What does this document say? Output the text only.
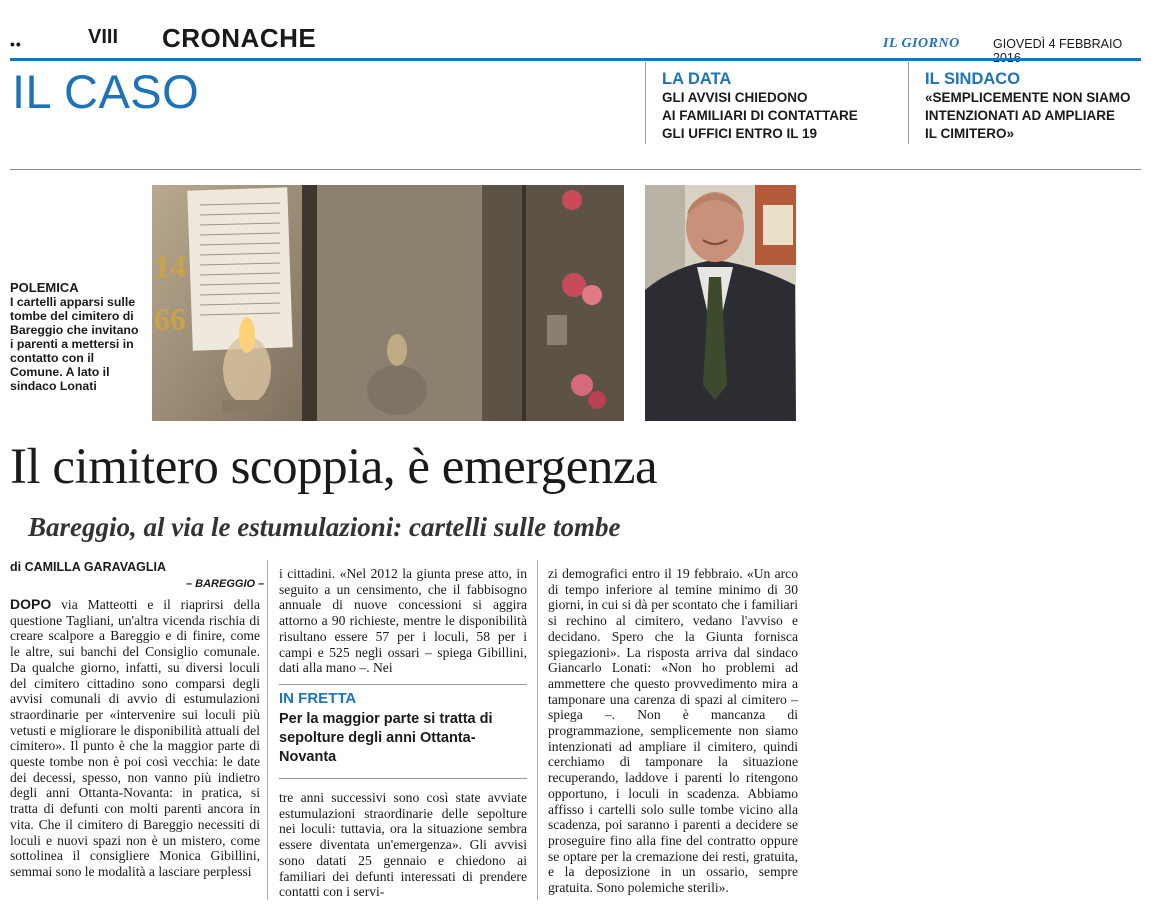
••	VIII CRONACHE	IL GIORNO	GIOVEDÌ 4 FEBBRAIO
IL CASO	LA DATA
GLI AVVISI CHIEDONO
AI FAMILIARI DI CONTATTARE
GLI UFFICI ENTRO IL 19
IL SINDACO
«SEMPLICEMENTE NON SIAMO
INTENZIONATI AD AMPLIARE
IL CIMITERO»
14
66
POLEMICA
I cartelli apparsi sulle tombe del cimitero di Bareggio che invitano i parenti a mettersi in contatto con il Comune. A lato il sindaco Lonati
Il cimitero scoppia, è emergenza
Bareggio, al via le estumulazioni: cartelli sulle tombe
di CAMILLA GARAVAGLIA
– BAREGGIO –

DOPO via Matteotti e il riaprirsi della questione Tagliani, un'altra vicenda rischia di creare scalpore a Bareggio e di finire, come le altre, sui banchi del Consiglio comunale. Da qualche giorno, infatti, su diversi loculi del cimitero cittadino sono comparsi degli avvisi comunali di avvio di estumulazioni straordinarie per «intervenire sui loculi più vetusti e migliorare le disponibilità attuali del cimitero». Il punto è che la maggior parte di queste tombe non è poi così vecchia: le date dei decessi, spesso, non vanno più indietro degli anni Ottanta-Novanta: in pratica, si tratta di defunti con molti parenti ancora in vita. Che il cimitero di Bareggio necessiti di loculi e nuovi spazi non è un mistero, come sottolinea il consigliere Monica Gibillini, semmai sono le modalità a lasciare perplessi

i cittadini. «Nel 2012 la giunta prese atto, in seguito a un censimento, che il fabbisogno annuale di nuove concessioni si aggira attorno a 90 richieste, mentre le disponibilità risultano essere 57 per i loculi, 58 per i campi e 525 negli ossari – spiega Gibillini, dati alla mano –. Nei

IN FRETTA
Per la maggior parte si tratta di sepolture degli anni Ottanta-Novanta

tre anni successivi sono così state avviate estumulazioni straordinarie delle sepolture nei loculi: tuttavia, ora la situazione sembra essere diventata un'emergenza». Gli avvisi sono datati 25 gennaio e chiedono ai familiari dei defunti interessati di prendere contatti con i servi-

zi demografici entro il 19 febbraio. «Un arco di tempo inferiore al temine minimo di 30 giorni, in cui si dà per scontato che i familiari si rechino al cimitero, vedano l'avviso e decidano. Spero che la Giunta fornisca spiegazioni». La risposta arriva dal sindaco Giancarlo Lonati: «Non ho problemi ad ammettere che questo provvedimento mira a tamponare una carenza di spazi al cimitero – spiega –. Non è mancanza di programmazione, semplicemente non siamo intenzionati ad ampliare il cimitero, quindi cerchiamo di tamponare la situazione recuperando, laddove i parenti lo ritengono opportuno, i loculi in scadenza. Abbiamo affisso i cartelli solo sulle tombe vicino alla scadenza, poi saranno i parenti a decidere se proseguire fino alla fine del contratto oppure se optare per la cremazione dei resti, gratuita, e la deposizione in un ossario, sempre gratuita. Sono polemiche sterili».
